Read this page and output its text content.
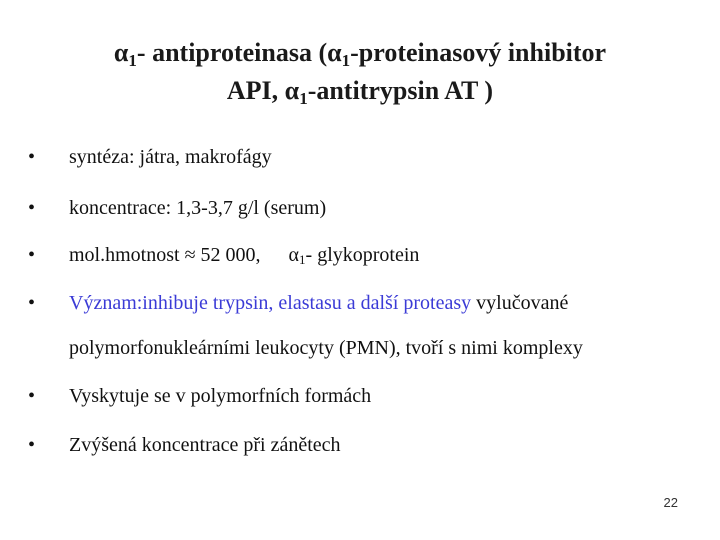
$\alpha_1-$ antiproteinasa ($\alpha_1$-proteinasový inhibitor
API, $\alpha_1$-antitrypsin AT )
•	syntéza: játra, makrofágy
•	koncentrace: 1,3-3,7 g/l (serum)
•	mol.hmotnost ≈ 52 000, $\alpha_1-$ glykoprotein
•	Význam:inhibuje trypsin, elastasu a další proteasy vylučované
polymorfonukleárními leukocyty (PMN), tvoří s nimi komplexy
•	Vyskytuje se v polymorfních formách
•	Zvýšená koncentrace při zánětech
22
